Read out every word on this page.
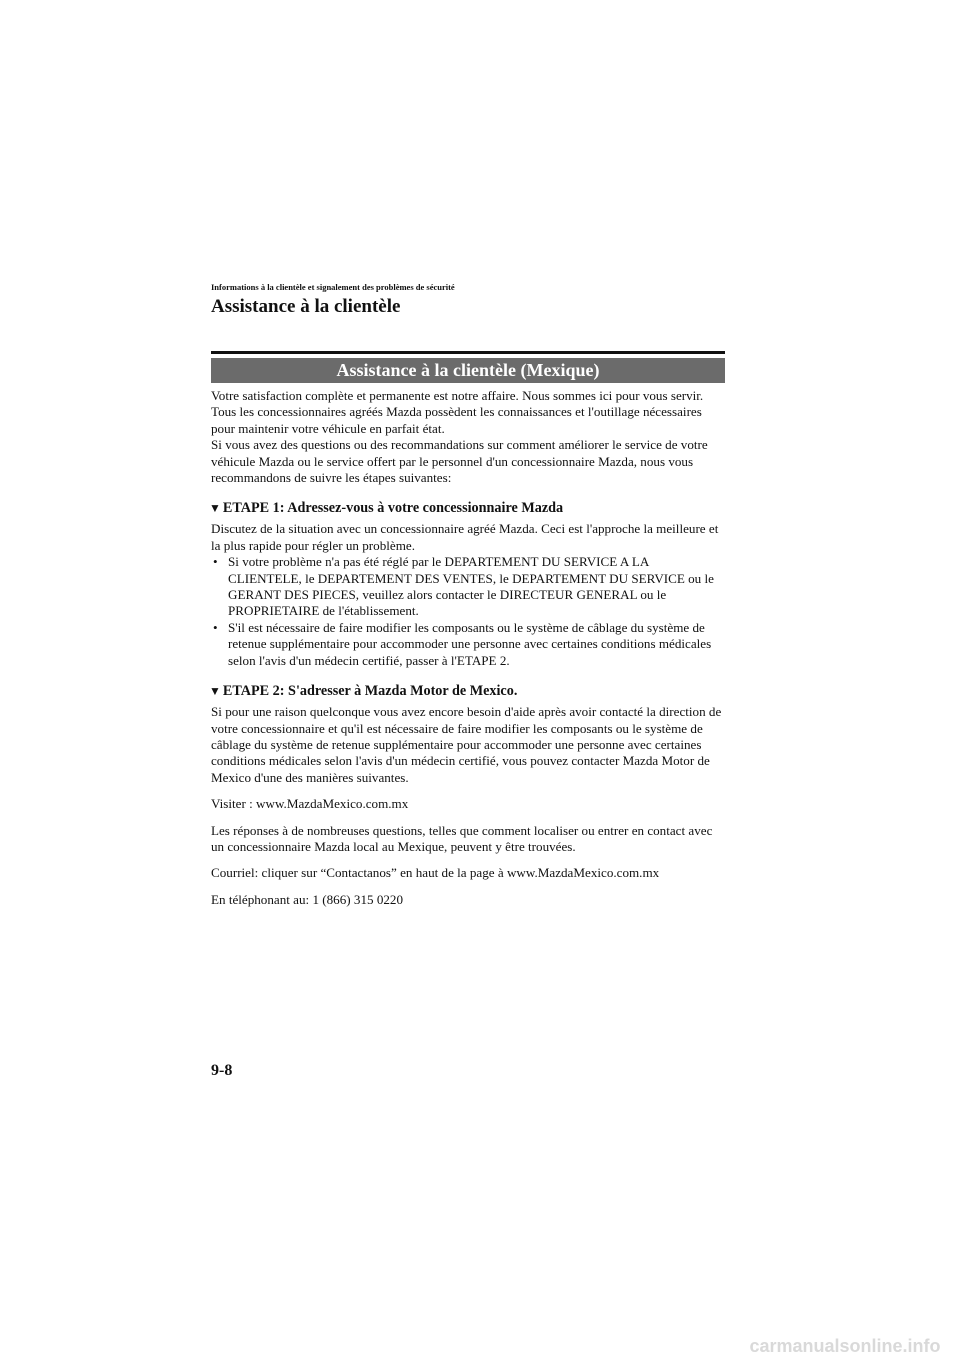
Informations à la clientèle et signalement des problèmes de sécurité
Assistance à la clientèle
Assistance à la clientèle (Mexique)

Votre satisfaction complète et permanente est notre affaire. Nous sommes ici pour vous servir. Tous les concessionnaires agréés Mazda possèdent les connaissances et l'outillage nécessaires pour maintenir votre véhicule en parfait état.

Si vous avez des questions ou des recommandations sur comment améliorer le service de votre véhicule Mazda ou le service offert par le personnel d'un concessionnaire Mazda, nous vous recommandons de suivre les étapes suivantes:

▼ ETAPE 1: Adressez-vous à votre concessionnaire Mazda

Discutez de la situation avec un concessionnaire agréé Mazda. Ceci est l'approche la meilleure et la plus rapide pour régler un problème.

• Si votre problème n'a pas été réglé par le DEPARTEMENT DU SERVICE A LA CLIENTELE, le DEPARTEMENT DES VENTES, le DEPARTEMENT DU SERVICE ou le GERANT DES PIECES, veuillez alors contacter le DIRECTEUR GENERAL ou le PROPRIETAIRE de l'établissement.
• S'il est nécessaire de faire modifier les composants ou le système de câblage du système de retenue supplémentaire pour accommoder une personne avec certaines conditions médicales selon l'avis d'un médecin certifié, passer à l'ETAPE 2.
▼ ETAPE 2: S'adresser à Mazda Motor de Mexico.

Si pour une raison quelconque vous avez encore besoin d'aide après avoir contacté la direction de votre concessionnaire et qu'il est nécessaire de faire modifier les composants ou le système de câblage du système de retenue supplémentaire pour accommoder une personne avec certaines conditions médicales selon l'avis d'un médecin certifié, vous pouvez contacter Mazda Motor de Mexico d'une des manières suivantes.

Visiter : www.MazdaMexico.com.mx

Les réponses à de nombreuses questions, telles que comment localiser ou entrer en contact avec un concessionnaire Mazda local au Mexique, peuvent y être trouvées.

Courriel: cliquer sur “Contactanos” en haut de la page à www.MazdaMexico.com.mx

En téléphonant au: 1 (866) 315 0220

9-8
carmanualsonline.info
